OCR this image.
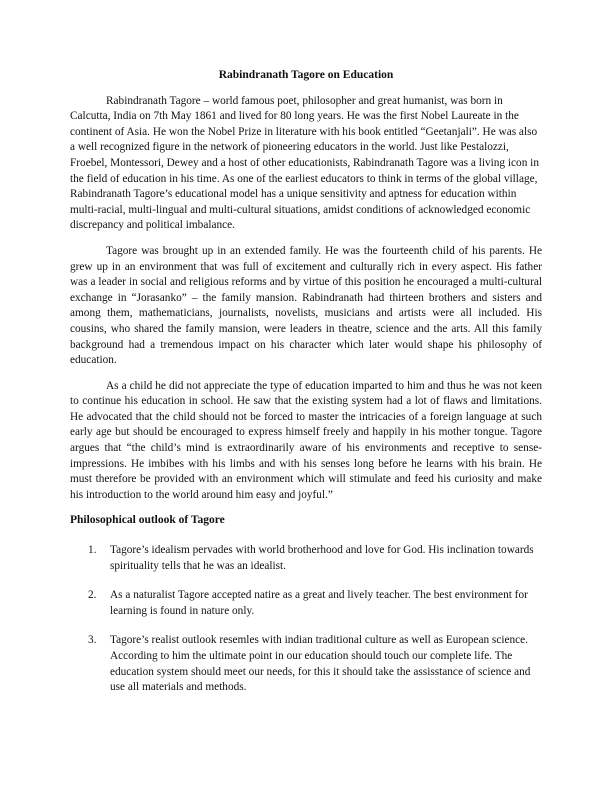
Rabindranath Tagore on Education

Rabindranath Tagore – world famous poet, philosopher and great humanist, was born in Calcutta, India on 7th May 1861 and lived for 80 long years. He was the first Nobel Laureate in the continent of Asia. He won the Nobel Prize in literature with his book entitled “Geetanjali”. He was also a well recognized figure in the network of pioneering educators in the world. Just like Pestalozzi, Froebel, Montessori, Dewey and a host of other educationists, Rabindranath Tagore was a living icon in the field of education in his time. As one of the earliest educators to think in terms of the global village, Rabindranath Tagore’s educational model has a unique sensitivity and aptness for education within multi-racial, multi-lingual and multi-cultural situations, amidst conditions of acknowledged economic discrepancy and political imbalance.

Tagore was brought up in an extended family. He was the fourteenth child of his parents. He grew up in an environment that was full of excitement and culturally rich in every aspect. His father was a leader in social and religious reforms and by virtue of this position he encouraged a multi-cultural exchange in “Jorasanko” – the family mansion. Rabindranath had thirteen brothers and sisters and among them, mathematicians, journalists, novelists, musicians and artists were all included. His cousins, who shared the family mansion, were leaders in theatre, science and the arts. All this family background had a tremendous impact on his character which later would shape his philosophy of education.

As a child he did not appreciate the type of education imparted to him and thus he was not keen to continue his education in school. He saw that the existing system had a lot of flaws and limitations. He advocated that the child should not be forced to master the intricacies of a foreign language at such early age but should be encouraged to express himself freely and happily in his mother tongue. Tagore argues that “the child’s mind is extraordinarily aware of his environments and receptive to sense-impressions. He imbibes with his limbs and with his senses long before he learns with his brain. He must therefore be provided with an environment which will stimulate and feed his curiosity and make his introduction to the world around him easy and joyful.”

Philosophical outlook of Tagore
1. Tagore’s idealism pervades with world brotherhood and love for God. His inclination towards spirituality tells that he was an idealist.
2. As a naturalist Tagore accepted natire as a great and lively teacher. The best environment for learning is found in nature only.
3. Tagore’s realist outlook resemles with indian traditional culture as well as European science. According to him the ultimate point in our education should touch our complete life. The education system should meet our needs, for this it should take the assisstance of science and use all materials and methods.
